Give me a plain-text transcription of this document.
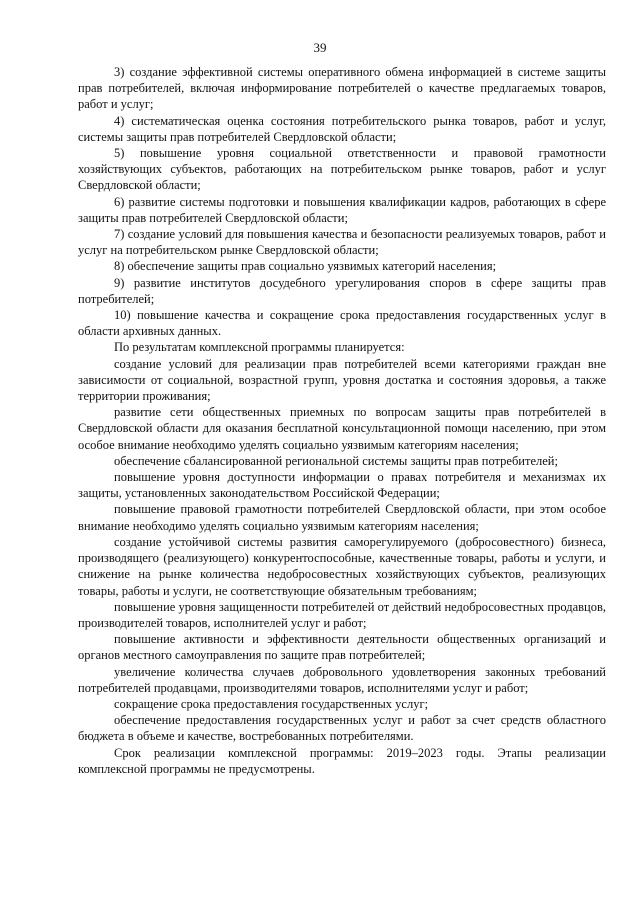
39

3) создание эффективной системы оперативного обмена информацией в системе защиты прав потребителей, включая информирование потребителей о качестве предлагаемых товаров, работ и услуг;

4) систематическая оценка состояния потребительского рынка товаров, работ и услуг, системы защиты прав потребителей Свердловской области;

5) повышение уровня социальной ответственности и правовой грамотности хозяйствующих субъектов, работающих на потребительском рынке товаров, работ и услуг Свердловской области;

6) развитие системы подготовки и повышения квалификации кадров, работающих в сфере защиты прав потребителей Свердловской области;

7) создание условий для повышения качества и безопасности реализуемых товаров, работ и услуг на потребительском рынке Свердловской области;

8) обеспечение защиты прав социально уязвимых категорий населения;

9) развитие институтов досудебного урегулирования споров в сфере защиты прав потребителей;

10) повышение качества и сокращение срока предоставления государственных услуг в области архивных данных.

По результатам комплексной программы планируется:

создание условий для реализации прав потребителей всеми категориями граждан вне зависимости от социальной, возрастной групп, уровня достатка и состояния здоровья, а также территории проживания;

развитие сети общественных приемных по вопросам защиты прав потребителей в Свердловской области для оказания бесплатной консультационной помощи населению, при этом особое внимание необходимо уделять социально уязвимым категориям населения;

обеспечение сбалансированной региональной системы защиты прав потребителей;

повышение уровня доступности информации о правах потребителя и механизмах их защиты, установленных законодательством Российской Федерации;

повышение правовой грамотности потребителей Свердловской области, при этом особое внимание необходимо уделять социально уязвимым категориям населения;

создание устойчивой системы развития саморегулируемого (добросовестного) бизнеса, производящего (реализующего) конкурентоспособные, качественные товары, работы и услуги, и снижение на рынке количества недобросовестных хозяйствующих субъектов, реализующих товары, работы и услуги, не соответствующие обязательным требованиям;

повышение уровня защищенности потребителей от действий недобросовестных продавцов, производителей товаров, исполнителей услуг и работ;

повышение активности и эффективности деятельности общественных организаций и органов местного самоуправления по защите прав потребителей;

увеличение количества случаев добровольного удовлетворения законных требований потребителей продавцами, производителями товаров, исполнителями услуг и работ;

сокращение срока предоставления государственных услуг;

обеспечение предоставления государственных услуг и работ за счет средств областного бюджета в объеме и качестве, востребованных потребителями.

Срок реализации комплексной программы: 2019–2023 годы. Этапы реализации комплексной программы не предусмотрены.
